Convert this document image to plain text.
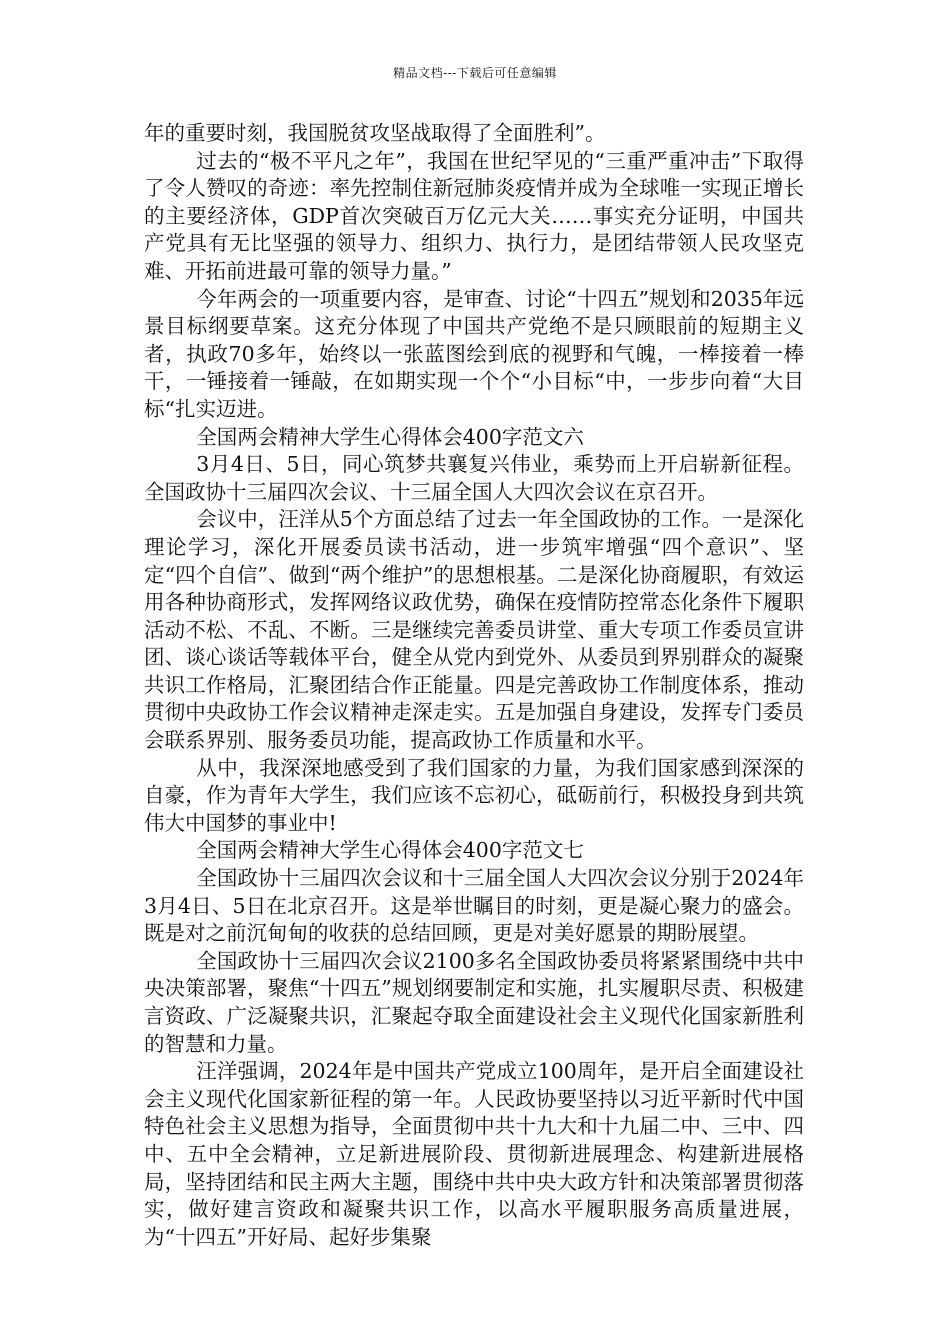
精品文档---下载后可任意编辑

年的重要时刻，我国脱贫攻坚战取得了全面胜利”。

过去的“极不平凡之年”，我国在世纪罕见的“三重严重冲击”下取得了令人赞叹的奇迹：率先控制住新冠肺炎疫情并成为全球唯一实现正增长的主要经济体，GDP首次突破百万亿元大关……事实充分证明，中国共产党具有无比坚强的领导力、组织力、执行力，是团结带领人民攻坚克难、开拓前进最可靠的领导力量。”

今年两会的一项重要内容，是审查、讨论“十四五”规划和2035年远景目标纲要草案。这充分体现了中国共产党绝不是只顾眼前的短期主义者，执政70多年，始终以一张蓝图绘到底的视野和气魄，一棒接着一棒干，一锤接着一锤敲，在如期实现一个个“小目标“中，一步步向着“大目标“扎实迈进。

全国两会精神大学生心得体会400字范文六

3月4日、5日，同心筑梦共襄复兴伟业，乘势而上开启崭新征程。全国政协十三届四次会议、十三届全国人大四次会议在京召开。

会议中，汪洋从5个方面总结了过去一年全国政协的工作。一是深化理论学习，深化开展委员读书活动，进一步筑牢增强“四个意识”、坚定“四个自信”、做到“两个维护”的思想根基。二是深化协商履职，有效运用各种协商形式，发挥网络议政优势，确保在疫情防控常态化条件下履职活动不松、不乱、不断。三是继续完善委员讲堂、重大专项工作委员宣讲团、谈心谈话等载体平台，健全从党内到党外、从委员到界别群众的凝聚共识工作格局，汇聚团结合作正能量。四是完善政协工作制度体系，推动贯彻中央政协工作会议精神走深走实。五是加强自身建设，发挥专门委员会联系界别、服务委员功能，提高政协工作质量和水平。

从中，我深深地感受到了我们国家的力量，为我们国家感到深深的自豪，作为青年大学生，我们应该不忘初心，砥砺前行，积极投身到共筑伟大中国梦的事业中!

全国两会精神大学生心得体会400字范文七

全国政协十三届四次会议和十三届全国人大四次会议分别于2024年3月4日、5日在北京召开。这是举世瞩目的时刻，更是凝心聚力的盛会。既是对之前沉甸甸的收获的总结回顾，更是对美好愿景的期盼展望。

全国政协十三届四次会议2100多名全国政协委员将紧紧围绕中共中央决策部署，聚焦“十四五”规划纲要制定和实施，扎实履职尽责、积极建言资政、广泛凝聚共识，汇聚起夺取全面建设社会主义现代化国家新胜利的智慧和力量。

汪洋强调，2024年是中国共产党成立100周年，是开启全面建设社会主义现代化国家新征程的第一年。人民政协要坚持以习近平新时代中国特色社会主义思想为指导，全面贯彻中共十九大和十九届二中、三中、四中、五中全会精神，立足新进展阶段、贯彻新进展理念、构建新进展格局，坚持团结和民主两大主题，围绕中共中央大政方针和决策部署贯彻落实，做好建言资政和凝聚共识工作，以高水平履职服务高质量进展，为“十四五”开好局、起好步集聚
